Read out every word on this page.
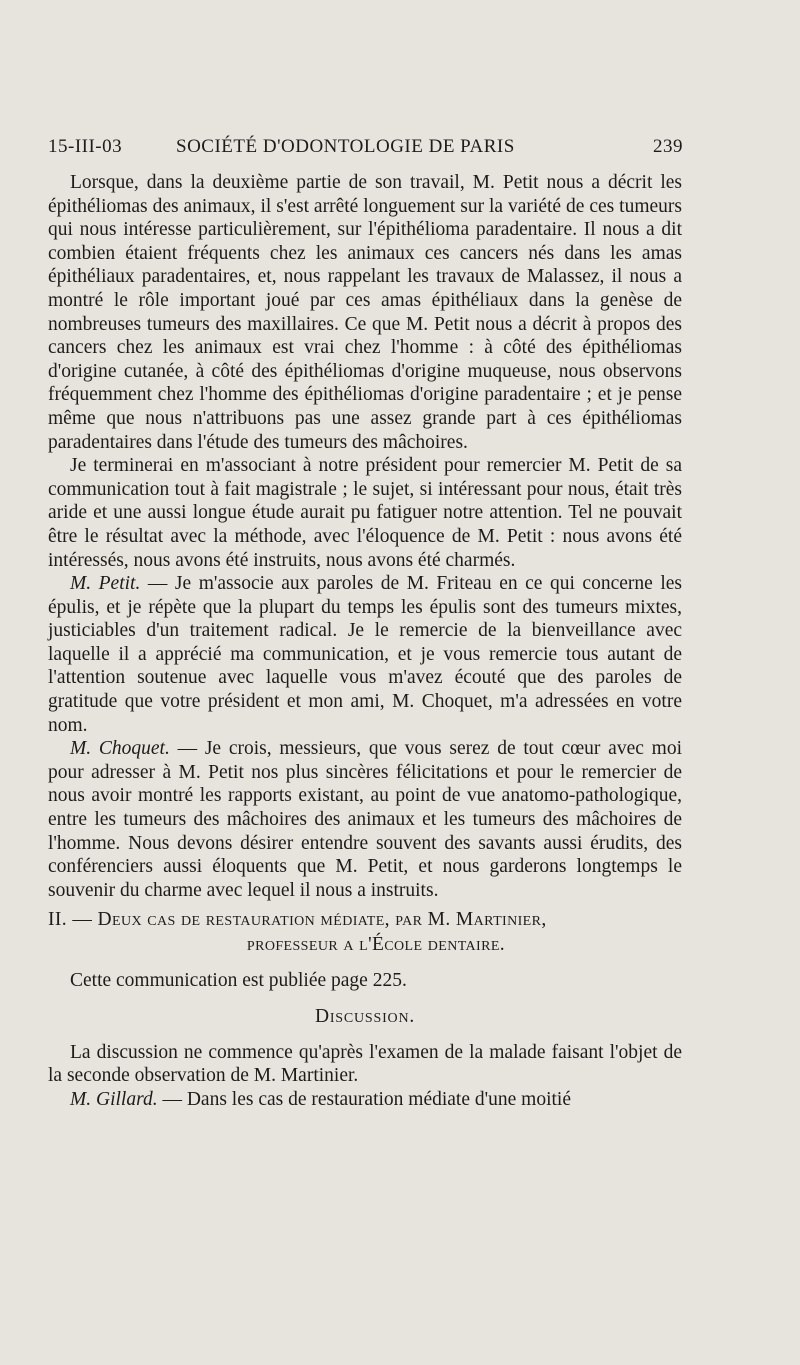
15-III-03	SOCIÉTÉ D'ODONTOLOGIE DE PARIS	239

Lorsque, dans la deuxième partie de son travail, M. Petit nous a décrit les épithéliomas des animaux, il s'est arrêté longuement sur la variété de ces tumeurs qui nous intéresse particulièrement, sur l'épithélioma paradentaire. Il nous a dit combien étaient fréquents chez les animaux ces cancers nés dans les amas épithéliaux paradentaires, et, nous rappelant les travaux de Malassez, il nous a montré le rôle important joué par ces amas épithéliaux dans la genèse de nombreuses tumeurs des maxillaires. Ce que M. Petit nous a décrit à propos des cancers chez les animaux est vrai chez l'homme : à côté des épithéliomas d'origine cutanée, à côté des épithéliomas d'origine muqueuse, nous observons fréquemment chez l'homme des épithéliomas d'origine paradentaire ; et je pense même que nous n'attribuons pas une assez grande part à ces épithéliomas paradentaires dans l'étude des tumeurs des mâchoires.

Je terminerai en m'associant à notre président pour remercier M. Petit de sa communication tout à fait magistrale ; le sujet, si intéressant pour nous, était très aride et une aussi longue étude aurait pu fatiguer notre attention. Tel ne pouvait être le résultat avec la méthode, avec l'éloquence de M. Petit : nous avons été intéressés, nous avons été instruits, nous avons été charmés.

M. Petit. — Je m'associe aux paroles de M. Friteau en ce qui concerne les épulis, et je répète que la plupart du temps les épulis sont des tumeurs mixtes, justiciables d'un traitement radical. Je le remercie de la bienveillance avec laquelle il a apprécié ma communication, et je vous remercie tous autant de l'attention soutenue avec laquelle vous m'avez écouté que des paroles de gratitude que votre président et mon ami, M. Choquet, m'a adressées en votre nom.

M. Choquet. — Je crois, messieurs, que vous serez de tout cœur avec moi pour adresser à M. Petit nos plus sincères félicitations et pour le remercier de nous avoir montré les rapports existant, au point de vue anatomo-pathologique, entre les tumeurs des mâchoires des animaux et les tumeurs des mâchoires de l'homme. Nous devons désirer entendre souvent des savants aussi érudits, des conférenciers aussi éloquents que M. Petit, et nous garderons longtemps le souvenir du charme avec lequel il nous a instruits.

II. — Deux cas de restauration médiate, par M. Martinier,
professeur a l'École dentaire.

Cette communication est publiée page 225.

Discussion.

La discussion ne commence qu'après l'examen de la malade faisant l'objet de la seconde observation de M. Martinier.

M. Gillard. — Dans les cas de restauration médiate d'une moitié
